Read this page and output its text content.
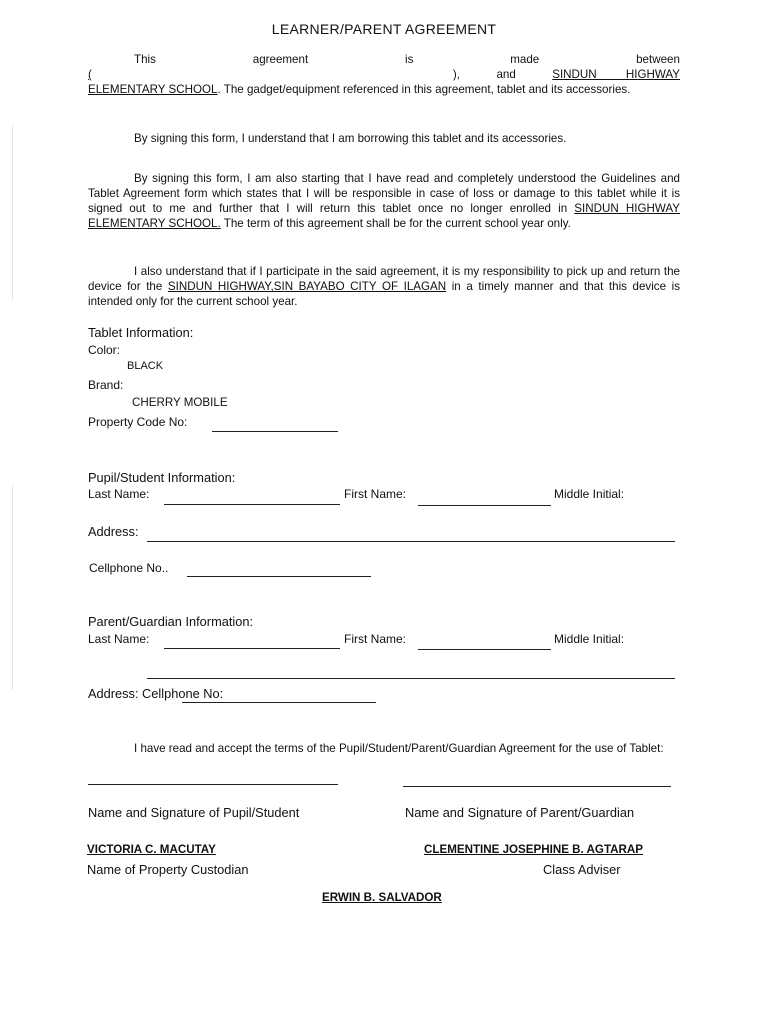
LEARNER/PARENT AGREEMENT
This	agreement	is	made	between
(	),	and	SINDUN HIGHWAY
ELEMENTARY SCHOOL. The gadget/equipment referenced in this agreement, tablet and its accessories.
By signing this form, I understand that I am borrowing this tablet and its accessories.
By signing this form, I am also starting that I have read and completely understood the Guidelines and Tablet Agreement form which states that I will be responsible in case of loss or damage to this tablet while it is signed out to me and further that I will return this tablet once no longer enrolled in SINDUN HIGHWAY ELEMENTARY SCHOOL. The term of this agreement shall be for the current school year only.
I also understand that if I participate in the said agreement, it is my responsibility to pick up and return the device for the SINDUN HIGHWAY,SIN BAYABO CITY OF ILAGAN in a timely manner and that this device is intended only for the current school year.
Tablet Information:
Color:
BLACK
Brand:
CHERRY MOBILE
Property Code No:
Pupil/Student Information:
Last Name:	First Name:	Middle Initial:
Address:
Cellphone No..
Parent/Guardian Information:
Last Name:	First Name:	Middle Initial:
Address: Cellphone No:
I have read and accept the terms of the Pupil/Student/Parent/Guardian Agreement for the use of Tablet:
Name and Signature of Pupil/Student	Name and Signature of Parent/Guardian
VICTORIA C. MACUTAY
Name of Property Custodian
CLEMENTINE JOSEPHINE B. AGTARAP
Class Adviser
ERWIN B. SALVADOR
